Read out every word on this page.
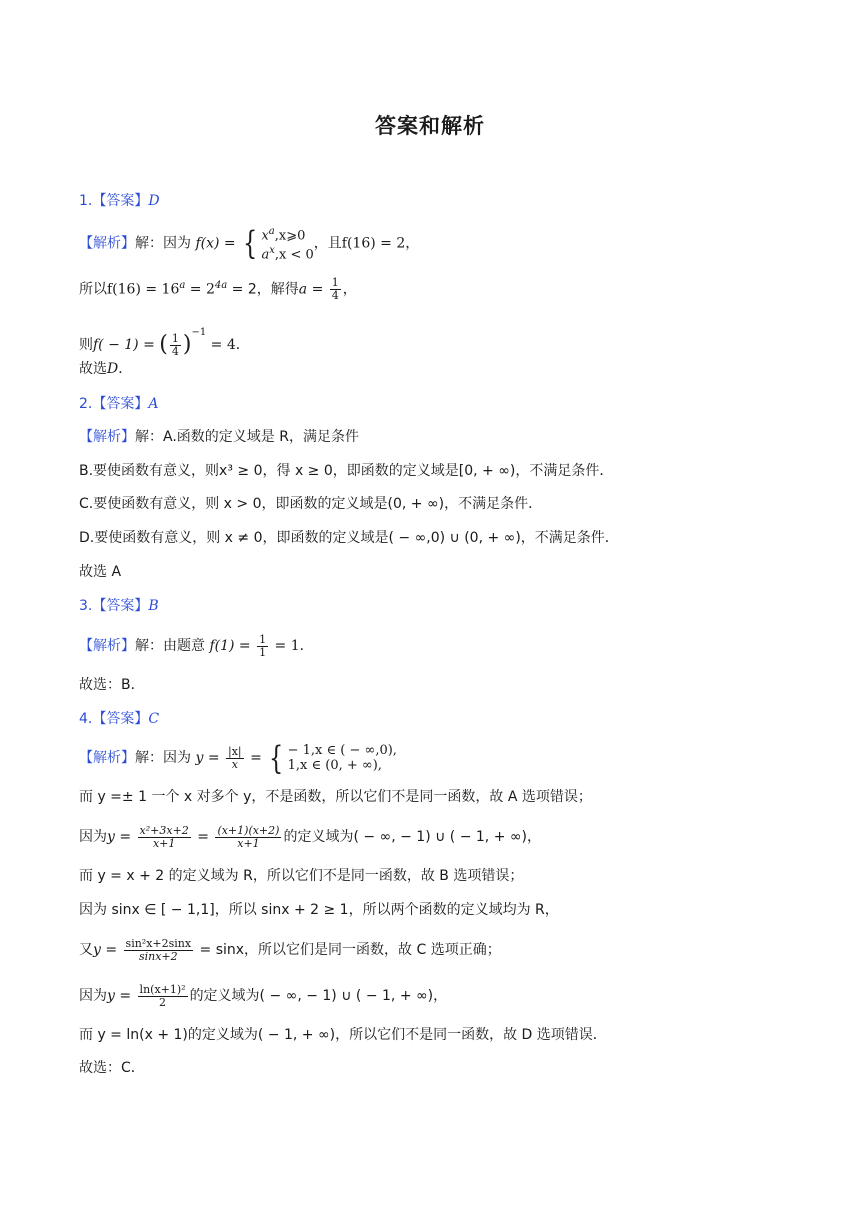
答案和解析
1.【答案】D
【解析】解：因为 f(x) = { $x^a,x⩾0$
$a^x,x < 0$
，且f(16) = 2，
所以$f(16) = 16^a = 2^{4a} = 2$，解得$a = \frac{1}{4}$ ，
则f( − 1) = ( $\frac{1}{4} )^{-1} = 4$．
故选D．
2.【答案】A
【解析】解：A.函数的定义域是 R，满足条件
B.要使函数有意义，则x³ ≥ 0，得 x ≥ 0，即函数的定义域是[0, + ∞)，不满足条件．
C.要使函数有意义，则 x > 0，即函数的定义域是(0, + ∞)，不满足条件．
D.要使函数有意义，则 x ≠ 0，即函数的定义域是( − ∞,0) ∪ (0, + ∞)，不满足条件．
故选 A
3.【答案】B
【解析】解：由题意 $f(1) = \frac{1}{1} = 1$．
故选：B．
4.【答案】C
【解析】解：因为 $y = \frac{|x|}{x}$ = { − 1,x ∈ ( − ∞,0),
1,x ∈ (0, + ∞),
而 y =± 1 一个 x 对多个 y，不是函数，所以它们不是同一函数，故 A 选项错误；
因为$y = \frac{\text{x²+3x+2}}{x+1} = \frac{(x+1)(x+2)}{x+1}$ 的定义域为( − ∞, − 1) ∪ ( − 1, + ∞)，
而 y = x + 2 的定义域为 R，所以它们不是同一函数，故 B 选项错误；
因为 sinx ∈ [ − 1,1]，所以 sinx + 2 ≥ 1，所以两个函数的定义域均为 R，
又$y = \frac{\text{sin²x+2sinx}}{\sin x+2} = \sin x$，所以它们是同一函数，故 C 选项正确；
因为$y = \frac{\text{ln(x+1)²}}{2}$ 的定义域为( − ∞, − 1) ∪ ( − 1, + ∞)，
而 y = ln(x + 1)的定义域为( − 1, + ∞)，所以它们不是同一函数，故 D 选项错误．
故选：C．
